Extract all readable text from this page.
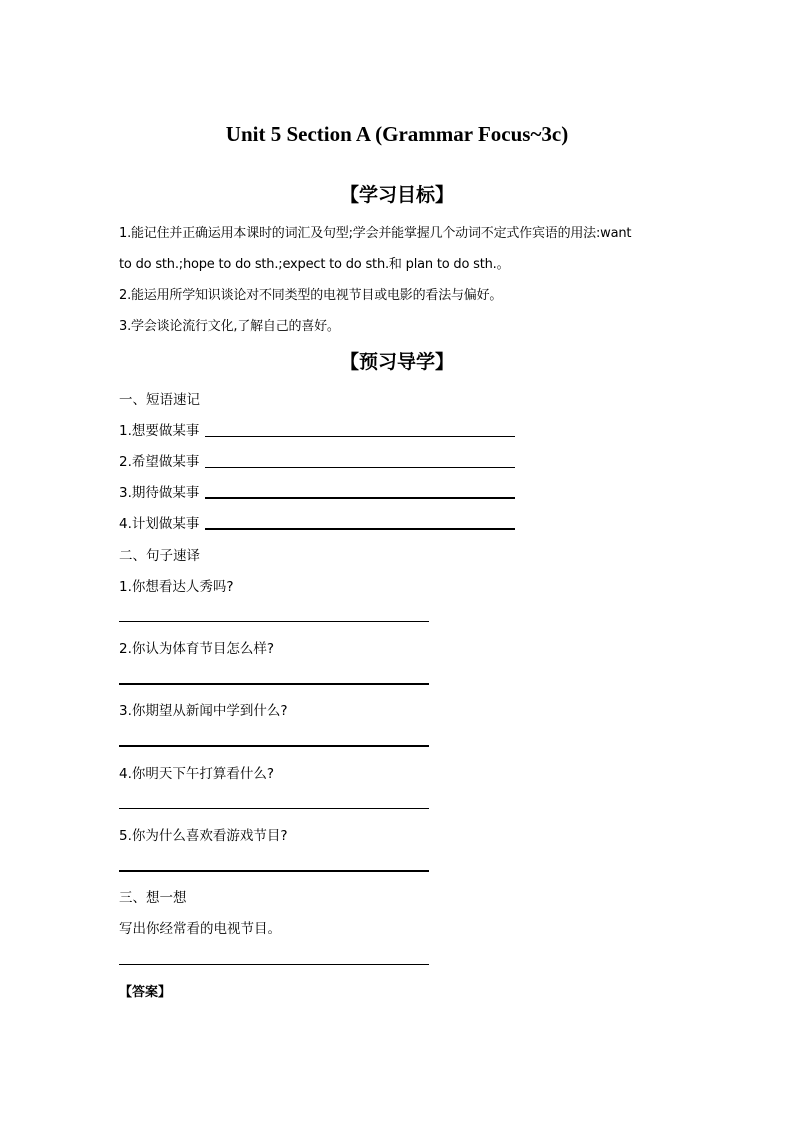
Unit 5 Section A (Grammar Focus~3c)
【学习目标】
1.能记住并正确运用本课时的词汇及句型;学会并能掌握几个动词不定式作宾语的用法:want
to do sth.;hope to do sth.;expect to do sth.和 plan to do sth.。
2.能运用所学知识谈论对不同类型的电视节目或电影的看法与偏好。
3.学会谈论流行文化,了解自己的喜好。
【预习导学】
一、短语速记
1.想要做某事
2.希望做某事
3.期待做某事
4.计划做某事
二、句子速译
1.你想看达人秀吗?
2.你认为体育节目怎么样?
3.你期望从新闻中学到什么?
4.你明天下午打算看什么?
5.你为什么喜欢看游戏节目?
三、想一想
写出你经常看的电视节目。
【答案】
